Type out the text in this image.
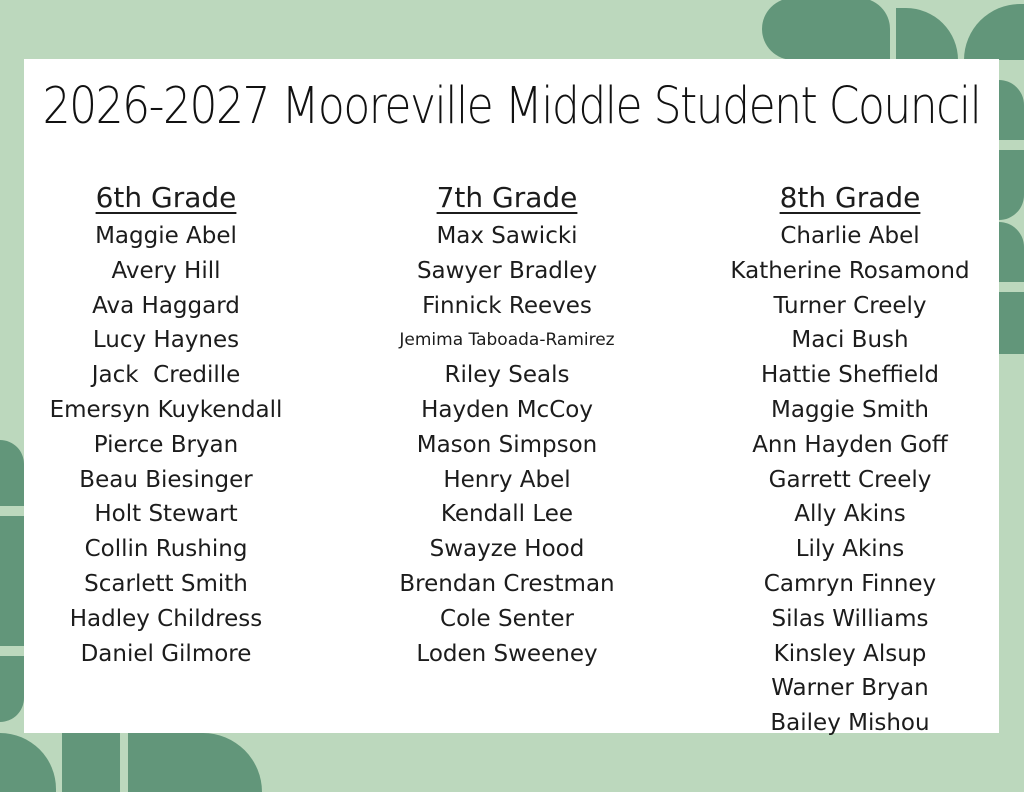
2026-2027 Mooreville Middle Student Council
6th Grade
Maggie Abel
Avery Hill
Ava Haggard
Lucy Haynes
Jack  Credille
Emersyn Kuykendall
Pierce Bryan
Beau Biesinger
Holt Stewart
Collin Rushing
Scarlett Smith
Hadley Childress
Daniel Gilmore
7th Grade
Max Sawicki
Sawyer Bradley
Finnick Reeves
Jemima Taboada-Ramirez
Riley Seals
Hayden McCoy
Mason Simpson
Henry Abel
Kendall Lee
Swayze Hood
Brendan Crestman
Cole Senter
Loden Sweeney
8th Grade
Charlie Abel
Katherine Rosamond
Turner Creely
Maci Bush
Hattie Sheffield
Maggie Smith
Ann Hayden Goff
Garrett Creely
Ally Akins
Lily Akins
Camryn Finney
Silas Williams
Kinsley Alsup
Warner Bryan
Bailey Mishou
